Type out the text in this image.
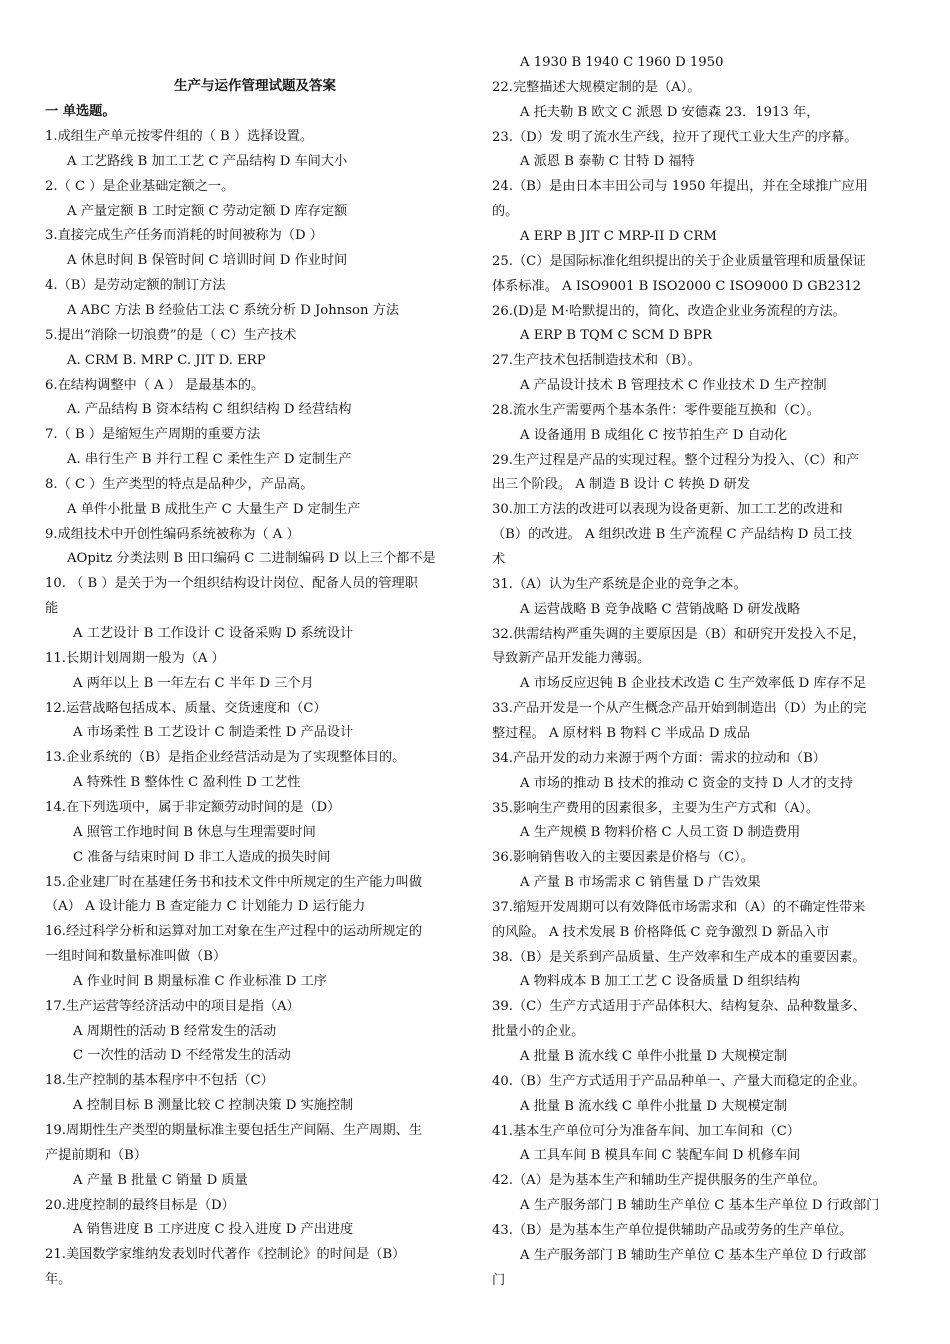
生产与运作管理试题及答案
一 单选题。
1.成组生产单元按零件组的（ B ）选择设置。
A 工艺路线 B 加工工艺 C 产品结构 D 车间大小
2.（ C ）是企业基础定额之一。
A 产量定额 B 工时定额 C 劳动定额 D 库存定额
3.直接完成生产任务而消耗的时间被称为（D ）
A 休息时间 B 保管时间 C 培训时间 D 作业时间
4.（B）是劳动定额的制订方法
A ABC 方法 B 经验估工法 C 系统分析 D Johnson 方法
5.提出“消除一切浪费”的是（ C）生产技术
A. CRM B. MRP C. JIT D. ERP
6.在结构调整中（ A ） 是最基本的。
A. 产品结构 B 资本结构 C 组织结构 D 经营结构
7.（ B ）是缩短生产周期的重要方法
A. 串行生产 B 并行工程 C 柔性生产 D 定制生产
8.（ C ）生产类型的特点是品种少，产品高。
A 单件小批量 B 成批生产 C 大量生产 D 定制生产
9.成组技术中开创性编码系统被称为（ A ）
AOpitz 分类法则 B 田口编码 C 二进制编码 D 以上三个都不是
10. （ B ）是关于为一个组织结构设计岗位、配备人员的管理职
能
A 工艺设计 B 工作设计 C 设备采购 D 系统设计
11.长期计划周期一般为（A ）
A 两年以上 B 一年左右 C 半年 D 三个月
12.运营战略包括成本、质量、交货速度和（C）
A 市场柔性 B 工艺设计 C 制造柔性 D 产品设计
13.企业系统的（B）是指企业经营活动是为了实现整体目的。
A 特殊性 B 整体性 C 盈利性 D 工艺性
14.在下列选项中，属于非定额劳动时间的是（D）
A 照管工作地时间 B 休息与生理需要时间
C 准备与结束时间 D 非工人造成的损失时间
15.企业建厂时在基建任务书和技术文件中所规定的生产能力叫做
（A） A 设计能力 B 查定能力 C 计划能力 D 运行能力
16.经过科学分析和运算对加工对象在生产过程中的运动所规定的
一组时间和数量标准叫做（B）
A 作业时间 B 期量标准 C 作业标准 D 工序
17.生产运营等经济活动中的项目是指（A）
A 周期性的活动 B 经常发生的活动
C 一次性的活动 D 不经常发生的活动
18.生产控制的基本程序中不包括（C）
A 控制目标 B 测量比较 C 控制决策 D 实施控制
19.周期性生产类型的期量标准主要包括生产间隔、生产周期、生
产提前期和（B）
A 产量 B 批量 C 销量 D 质量
20.进度控制的最终目标是（D）
A 销售进度 B 工序进度 C 投入进度 D 产出进度
21.美国数学家维纳发表划时代著作《控制论》的时间是（B）
年。
A 1930 B 1940 C 1960 D 1950
22.完整描述大规模定制的是（A）。
A 托夫勒 B 欧文 C 派恩 D 安德森 23．1913 年，
23.（D）发 明了流水生产线，拉开了现代工业大生产的序幕。
A 派恩 B 泰勒 C 甘特 D 福特
24.（B）是由日本丰田公司与 1950 年提出，并在全球推广应用
的。
A ERP B JIT C MRP-II D CRM
25.（C）是国际标准化组织提出的关于企业质量管理和质量保证
体系标准。 A ISO9001 B ISO2000 C ISO9000 D GB2312
26.(D)是 M·哈默提出的，简化、改造企业业务流程的方法。
A ERP B TQM C SCM D BPR
27.生产技术包括制造技术和（B）。
A 产品设计技术 B 管理技术 C 作业技术 D 生产控制
28.流水生产需要两个基本条件：零件要能互换和（C）。
A 设备通用 B 成组化 C 按节拍生产 D 自动化
29.生产过程是产品的实现过程。整个过程分为投入、（C）和产
出三个阶段。 A 制造 B 设计 C 转换 D 研发
30.加工方法的改进可以表现为设备更新、加工工艺的改进和
（B）的改进。 A 组织改进 B 生产流程 C 产品结构 D 员工技
术
31.（A）认为生产系统是企业的竞争之本。
A 运营战略 B 竞争战略 C 营销战略 D 研发战略
32.供需结构严重失调的主要原因是（B）和研究开发投入不足，
导致新产品开发能力薄弱。
A 市场反应迟钝 B 企业技术改造 C 生产效率低 D 库存不足
33.产品开发是一个从产生概念产品开始到制造出（D）为止的完
整过程。 A 原材料 B 物料 C 半成品 D 成品
34.产品开发的动力来源于两个方面：需求的拉动和（B）
A 市场的推动 B 技术的推动 C 资金的支持 D 人才的支持
35.影响生产费用的因素很多，主要为生产方式和（A）。
A 生产规模 B 物料价格 C 人员工资 D 制造费用
36.影响销售收入的主要因素是价格与（C）。
A 产量 B 市场需求 C 销售量 D 广告效果
37.缩短开发周期可以有效降低市场需求和（A）的不确定性带来
的风险。 A 技术发展 B 价格降低 C 竞争激烈 D 新品入市
38.（B）是关系到产品质量、生产效率和生产成本的重要因素。
A 物料成本 B 加工工艺 C 设备质量 D 组织结构
39.（C）生产方式适用于产品体积大、结构复杂、品种数量多、
批量小的企业。
A 批量 B 流水线 C 单件小批量 D 大规模定制
40.（B）生产方式适用于产品品种单一、产量大而稳定的企业。
A 批量 B 流水线 C 单件小批量 D 大规模定制
41.基本生产单位可分为准备车间、加工车间和（C）
A 工具车间 B 模具车间 C 装配车间 D 机修车间
42.（A）是为基本生产和辅助生产提供服务的生产单位。
A 生产服务部门 B 辅助生产单位 C 基本生产单位 D 行政部门
43.（B）是为基本生产单位提供辅助产品或劳务的生产单位。
A 生产服务部门 B 辅助生产单位 C 基本生产单位 D 行政部
门
